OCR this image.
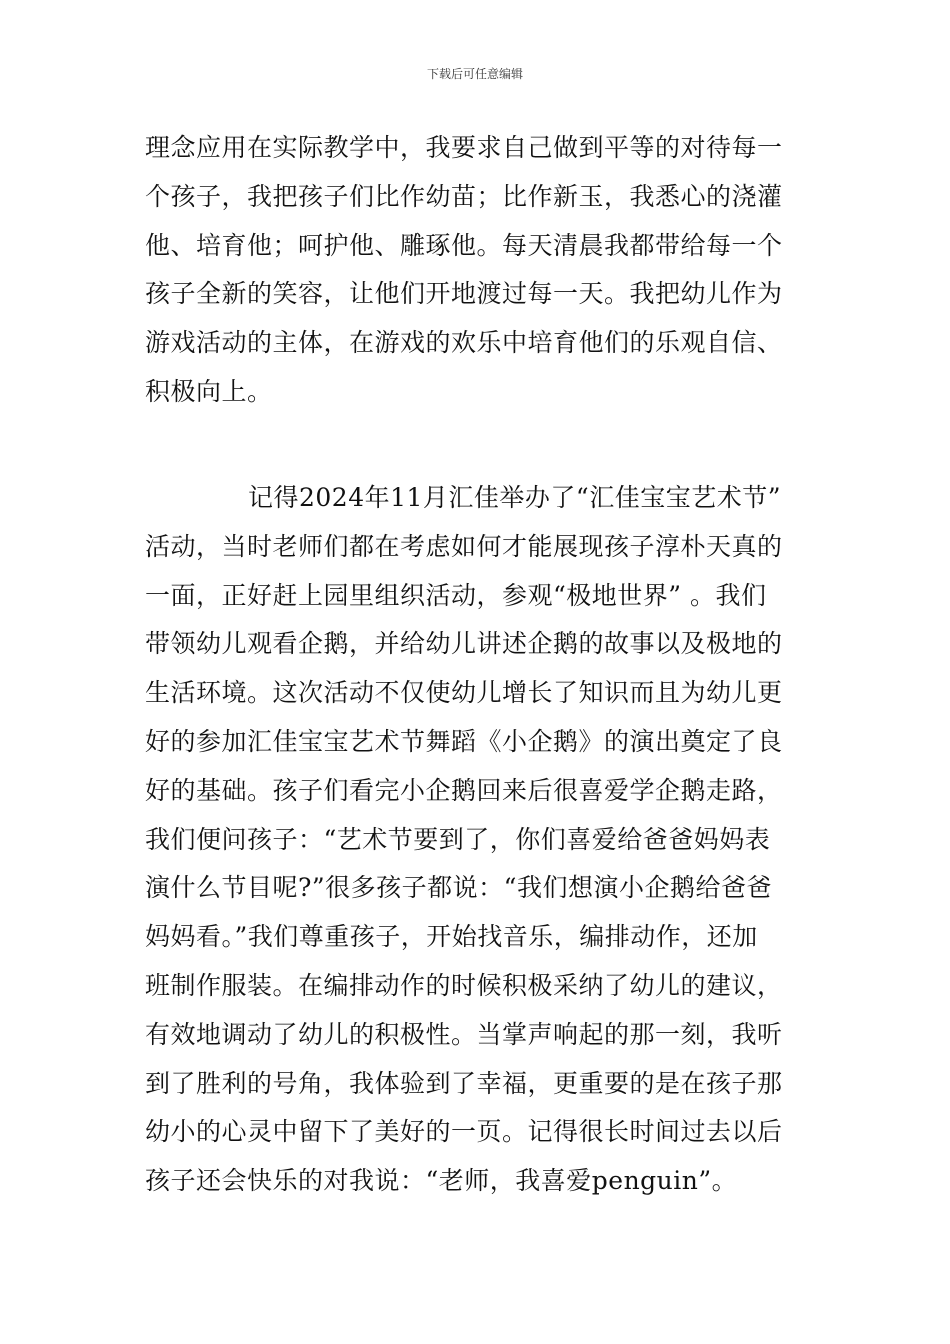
下载后可任意编辑
理念应用在实际教学中，我要求自己做到平等的对待每一
个孩子，我把孩子们比作幼苗；比作新玉，我悉心的浇灌
他、培育他；呵护他、雕琢他。每天清晨我都带给每一个
孩子全新的笑容，让他们开地渡过每一天。我把幼儿作为
游戏活动的主体，在游戏的欢乐中培育他们的乐观自信、
积极向上。
记得2024年11月汇佳举办了“汇佳宝宝艺术节”
活动，当时老师们都在考虑如何才能展现孩子淳朴天真的
一面，正好赶上园里组织活动，参观“极地世界” 。我们
带领幼儿观看企鹅，并给幼儿讲述企鹅的故事以及极地的
生活环境。这次活动不仅使幼儿增长了知识而且为幼儿更
好的参加汇佳宝宝艺术节舞蹈《小企鹅》的演出奠定了良
好的基础。孩子们看完小企鹅回来后很喜爱学企鹅走路，
我们便问孩子：“艺术节要到了，你们喜爱给爸爸妈妈表
演什么节目呢?”很多孩子都说：“我们想演小企鹅给爸爸
妈妈看。”我们尊重孩子，开始找音乐，编排动作，还加
班制作服装。在编排动作的时候积极采纳了幼儿的建议，
有效地调动了幼儿的积极性。当掌声响起的那一刻，我听
到了胜利的号角，我体验到了幸福，更重要的是在孩子那
幼小的心灵中留下了美好的一页。记得很长时间过去以后
孩子还会快乐的对我说：“老师，我喜爱penguin”。
